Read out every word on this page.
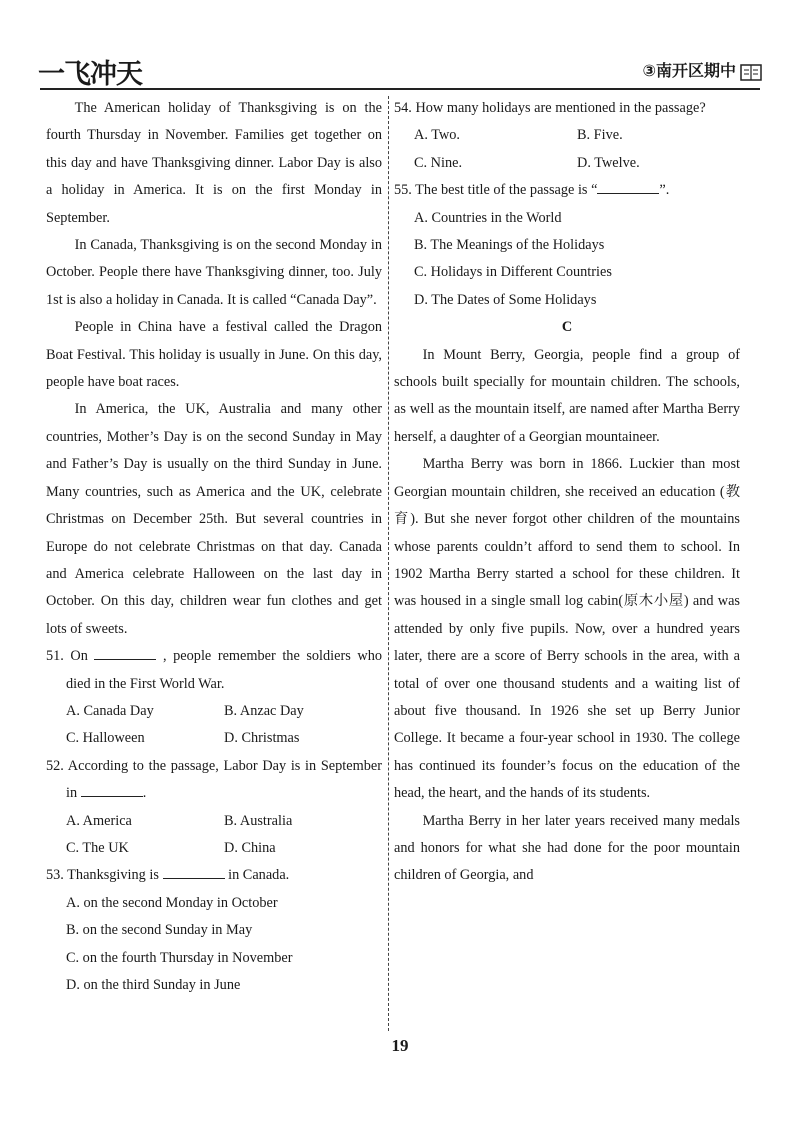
一飞冲天	③南开区期中

The American holiday of Thanksgiving is on the fourth Thursday in November. Families get together on this day and have Thanksgiving dinner. Labor Day is also a holiday in America. It is on the first Monday in September.

In Canada, Thanksgiving is on the second Monday in October. People there have Thanksgiving dinner, too. July 1st is also a holiday in Canada. It is called “Canada Day”.

People in China have a festival called the Dragon Boat Festival. This holiday is usually in June. On this day, people have boat races.

In America, the UK, Australia and many other countries, Mother’s Day is on the second Sunday in May and Father’s Day is usually on the third Sunday in June. Many countries, such as America and the UK, celebrate Christmas on December 25th. But several countries in Europe do not celebrate Christmas on that day. Canada and America celebrate Halloween on the last day in October. On this day, children wear fun clothes and get lots of sweets.

51. On	, people remember the soldiers who died in the First World War.

A. Canada Day	B. Anzac Day
C. Halloween	D. Christmas

52. According to the passage, Labor Day is in September in	.

A. America	B. Australia
C. The UK	D. China

53. Thanksgiving is	in Canada.

A. on the second Monday in October

B. on the second Sunday in May

C. on the fourth Thursday in November

D. on the third Sunday in June

54. How many holidays are mentioned in the passage?

A. Two.	B. Five.
C. Nine.	D. Twelve.

55. The best title of the passage is “	”.

A. Countries in the World

B. The Meanings of the Holidays

C. Holidays in Different Countries

D. The Dates of Some Holidays

C

In Mount Berry, Georgia, people find a group of schools built specially for mountain children. The schools, as well as the mountain itself, are named after Martha Berry herself, a daughter of a Georgian mountaineer.

Martha Berry was born in 1866. Luckier than most Georgian mountain children, she received an education (教育). But she never forgot other children of the mountains whose parents couldn’t afford to send them to school. In 1902 Martha Berry started a school for these children. It was housed in a single small log cabin(原木小屋) and was attended by only five pupils. Now, over a hundred years later, there are a score of Berry schools in the area, with a total of over one thousand students and a waiting list of about five thousand. In 1926 she set up Berry Junior College. It became a four-year school in 1930. The college has continued its founder’s focus on the education of the head, the heart, and the hands of its students.

Martha Berry in her later years received many medals and honors for what she had done for the poor mountain children of Georgia, and

19
